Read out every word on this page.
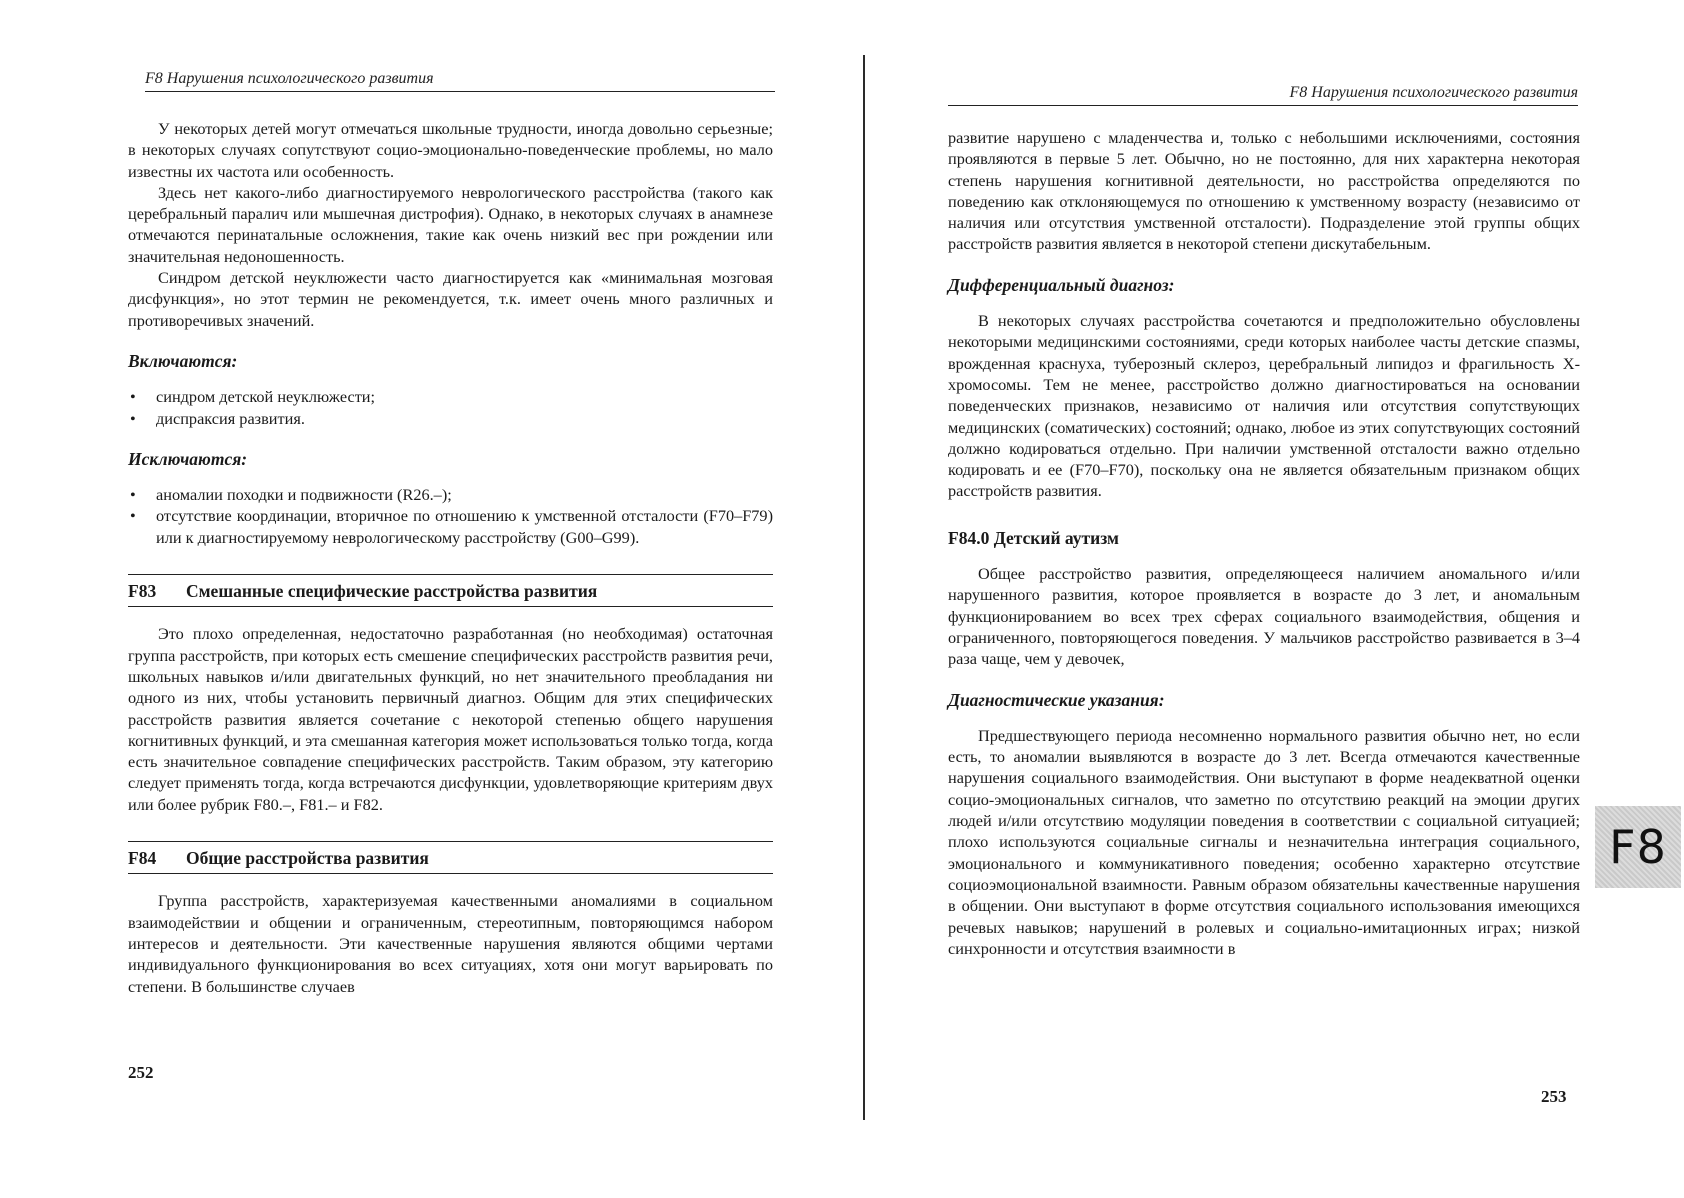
F8 Нарушения психологического развития

У некоторых детей могут отмечаться школьные трудности, иногда довольно серьезные; в некоторых случаях сопутствуют социо-эмоционально-поведенческие проблемы, но мало известны их частота или особенность.

Здесь нет какого-либо диагностируемого неврологического расстройства (такого как церебральный паралич или мышечная дистрофия). Однако, в некоторых случаях в анамнезе отмечаются перинатальные осложнения, такие как очень низкий вес при рождении или значительная недоношенность.

Синдром детской неуклюжести часто диагностируется как «минимальная мозговая дисфункция», но этот термин не рекомендуется, т.к. имеет очень много различных и противоречивых значений.

Включаются:
• синдром детской неуклюжести;
• диспраксия развития.
Исключаются:
• аномалии походки и подвижности (R26.–);
• отсутствие координации, вторичное по отношению к умственной отсталости (F70–F79) или к диагностируемому неврологическому расстройству (G00–G99).
F83	Смешанные специфические расстройства развития

Это плохо определенная, недостаточно разработанная (но необходимая) остаточная группа расстройств, при которых есть смешение специфических расстройств развития речи, школьных навыков и/или двигательных функций, но нет значительного преобладания ни одного из них, чтобы установить первичный диагноз. Общим для этих специфических расстройств развития является сочетание с некоторой степенью общего нарушения когнитивных функций, и эта смешанная категория может использоваться только тогда, когда есть значительное совпадение специфических расстройств. Таким образом, эту категорию следует применять тогда, когда встречаются дисфункции, удовлетворяющие критериям двух или более рубрик F80.–, F81.– и F82.

F84	Общие расстройства развития

Группа расстройств, характеризуемая качественными аномалиями в социальном взаимодействии и общении и ограниченным, стереотипным, повторяющимся набором интересов и деятельности. Эти качественные нарушения являются общими чертами индивидуального функционирования во всех ситуациях, хотя они могут варьировать по степени. В большинстве случаев

252
F8 Нарушения психологического развития

развитие нарушено с младенчества и, только с небольшими исключениями, состояния проявляются в первые 5 лет. Обычно, но не постоянно, для них характерна некоторая степень нарушения когнитивной деятельности, но расстройства определяются по поведению как отклоняющемуся по отношению к умственному возрасту (независимо от наличия или отсутствия умственной отсталости). Подразделение этой группы общих расстройств развития является в некоторой степени дискутабельным.

Дифференциальный диагноз:

В некоторых случаях расстройства сочетаются и предположительно обусловлены некоторыми медицинскими состояниями, среди которых наиболее часты детские спазмы, врожденная краснуха, туберозный склероз, церебральный липидоз и фрагильность X-хромосомы. Тем не менее, расстройство должно диагностироваться на основании поведенческих признаков, независимо от наличия или отсутствия сопутствующих медицинских (соматических) состояний; однако, любое из этих сопутствующих состояний должно кодироваться отдельно. При наличии умственной отсталости важно отдельно кодировать и ее (F70–F70), поскольку она не является обязательным признаком общих расстройств развития.

F84.0 Детский аутизм

Общее расстройство развития, определяющееся наличием аномального и/или нарушенного развития, которое проявляется в возрасте до 3 лет, и аномальным функционированием во всех трех сферах социального взаимодействия, общения и ограниченного, повторяющегося поведения. У мальчиков расстройство развивается в 3–4 раза чаще, чем у девочек,

Диагностические указания:

Предшествующего периода несомненно нормального развития обычно нет, но если есть, то аномалии выявляются в возрасте до 3 лет. Всегда отмечаются качественные нарушения социального взаимодействия. Они выступают в форме неадекватной оценки социо-эмоциональных сигналов, что заметно по отсутствию реакций на эмоции других людей и/или отсутствию модуляции поведения в соответствии с социальной ситуацией; плохо используются социальные сигналы и незначительна интеграция социального, эмоционального и коммуникативного поведения; особенно характерно отсутствие социоэмоциональной взаимности. Равным образом обязательны качественные нарушения в общении. Они выступают в форме отсутствия социального использования имеющихся речевых навыков; нарушений в ролевых и социально-имитационных играх; низкой синхронности и отсутствия взаимности в

F8
253
